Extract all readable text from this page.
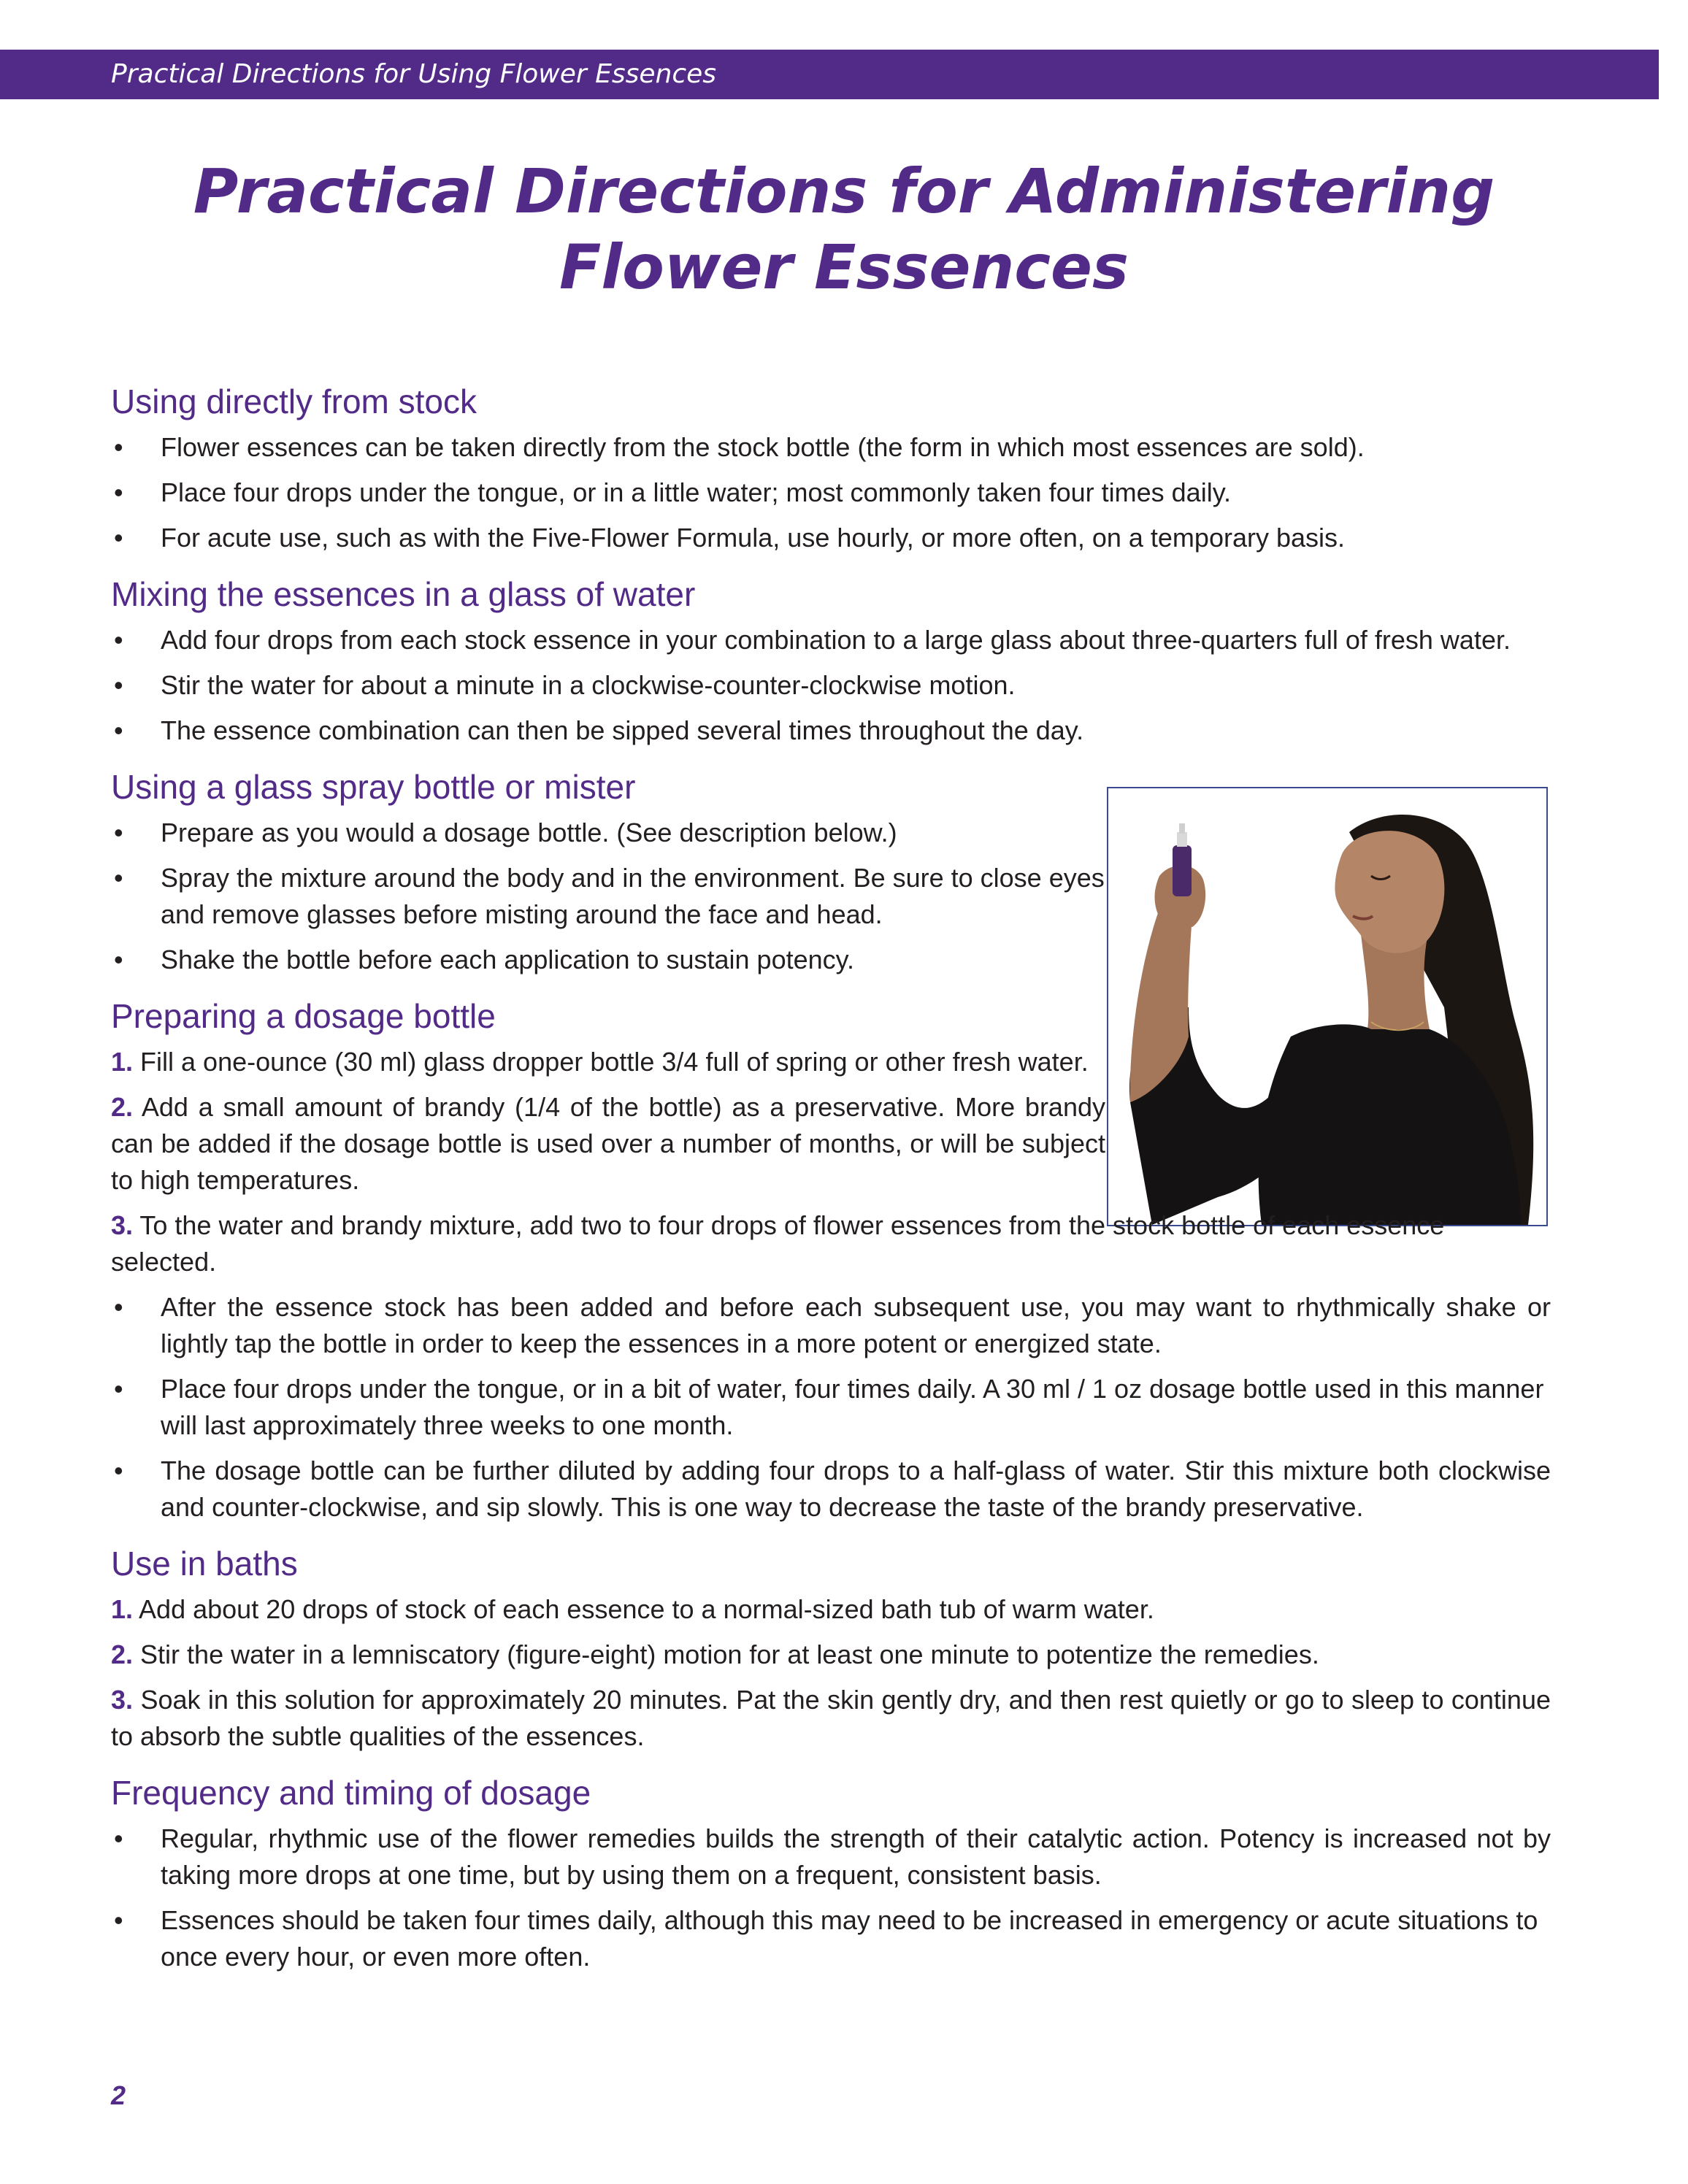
Practical Directions for Using Flower Essences
Practical Directions for Administering
Flower Essences
Using directly from stock
• Flower essences can be taken directly from the stock bottle (the form in which most essences are sold).
• Place four drops under the tongue, or in a little water; most commonly taken four times daily.
• For acute use, such as with the Five-Flower Formula, use hourly, or more often, on a temporary basis.
Mixing the essences in a glass of water
• Add four drops from each stock essence in your combination to a large glass about three-quarters full of fresh water.
• Stir the water for about a minute in a clockwise-counter-clockwise motion.
• The essence combination can then be sipped several times throughout the day.
Using a glass spray bottle or mister
• Prepare as you would a dosage bottle. (See description below.)
• Spray the mixture around the body and in the environment. Be sure to close eyes and remove glasses before misting around the face and head.
• Shake the bottle before each application to sustain potency.
Preparing a dosage bottle

1. Fill a one-ounce (30 ml) glass dropper bottle 3/4 full of spring or other fresh water.

2. Add a small amount of brandy (1/4 of the bottle) as a preservative. More brandy can be added if the dosage bottle is used over a number of months, or will be subject to high temperatures.

3. To the water and brandy mixture, add two to four drops of flower essences from the stock bottle of each essence selected.

• After the essence stock has been added and before each subsequent use, you may want to rhythmically shake or lightly tap the bottle in order to keep the essences in a more potent or energized state.
• Place four drops under the tongue, or in a bit of water, four times daily. A 30 ml / 1 oz dosage bottle used in this manner will last approximately three weeks to one month.
• The dosage bottle can be further diluted by adding four drops to a half-glass of water. Stir this mixture both clockwise and counter-clockwise, and sip slowly. This is one way to decrease the taste of the brandy preservative.
Use in baths

1. Add about 20 drops of stock of each essence to a normal-sized bath tub of warm water.

2. Stir the water in a lemniscatory (figure-eight) motion for at least one minute to potentize the remedies.

3. Soak in this solution for approximately 20 minutes. Pat the skin gently dry, and then rest quietly or go to sleep to continue to absorb the subtle qualities of the essences.

Frequency and timing of dosage
• Regular, rhythmic use of the flower remedies builds the strength of their catalytic action. Potency is increased not by taking more drops at one time, but by using them on a frequent, consistent basis.
• Essences should be taken four times daily, although this may need to be increased in emergency or acute situations to once every hour, or even more often.
2
